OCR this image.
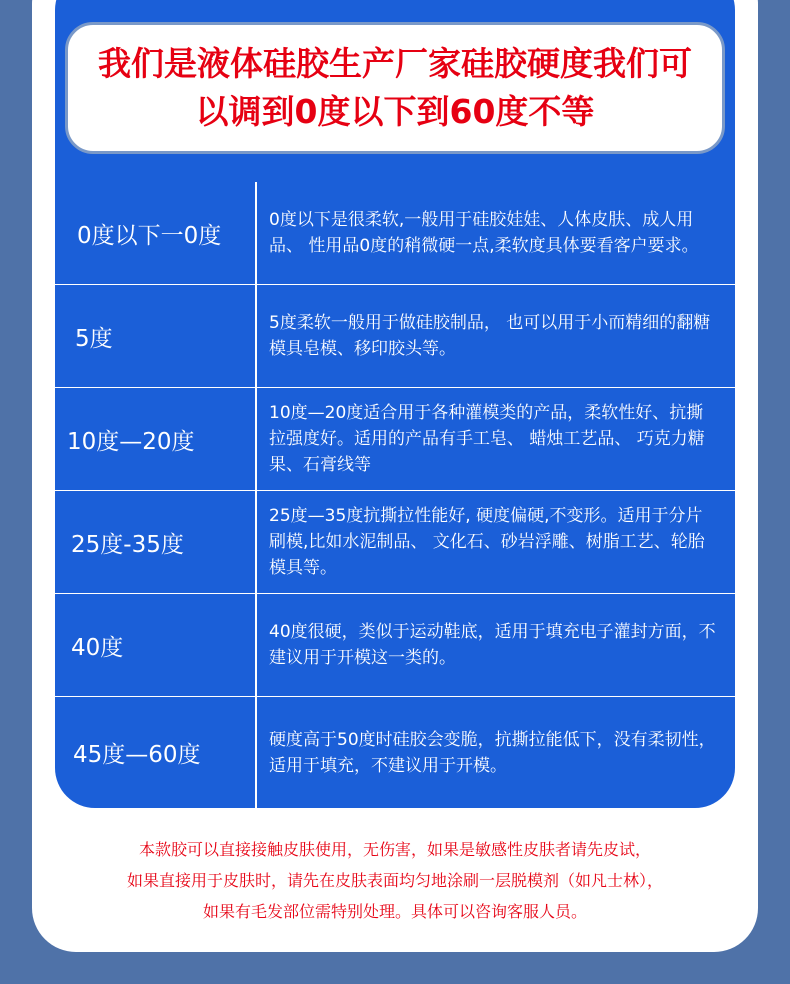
我们是液体硅胶生产厂家硅胶硬度我们可以调到0度以下到60度不等
0度以下一0度
0度以下是很柔软,一般用于硅胶娃娃、人体皮肤、成人用品、 性用品0度的稍微硬一点,柔软度具体要看客户要求。
5度
5度柔软一般用于做硅胶制品， 也可以用于小而精细的翻糖模具皂模、移印胶头等。
10度—20度
10度—20度适合用于各种灌模类的产品，柔软性好、抗撕拉强度好。适用的产品有手工皂、 蜡烛工艺品、 巧克力糖果、石膏线等
25度-35度
25度—35度抗撕拉性能好, 硬度偏硬,不变形。适用于分片刷模,比如水泥制品、 文化石、砂岩浮雕、树脂工艺、轮胎模具等。
40度
40度很硬，类似于运动鞋底，适用于填充电子灌封方面，不建议用于开模这一类的。
45度—60度
硬度高于50度时硅胶会变脆，抗撕拉能低下，没有柔韧性，适用于填充，不建议用于开模。
本款胶可以直接接触皮肤使用，无伤害，如果是敏感性皮肤者请先皮试，
如果直接用于皮肤时，请先在皮肤表面均匀地涂刷一层脱模剂（如凡士林），
如果有毛发部位需特别处理。具体可以咨询客服人员。
